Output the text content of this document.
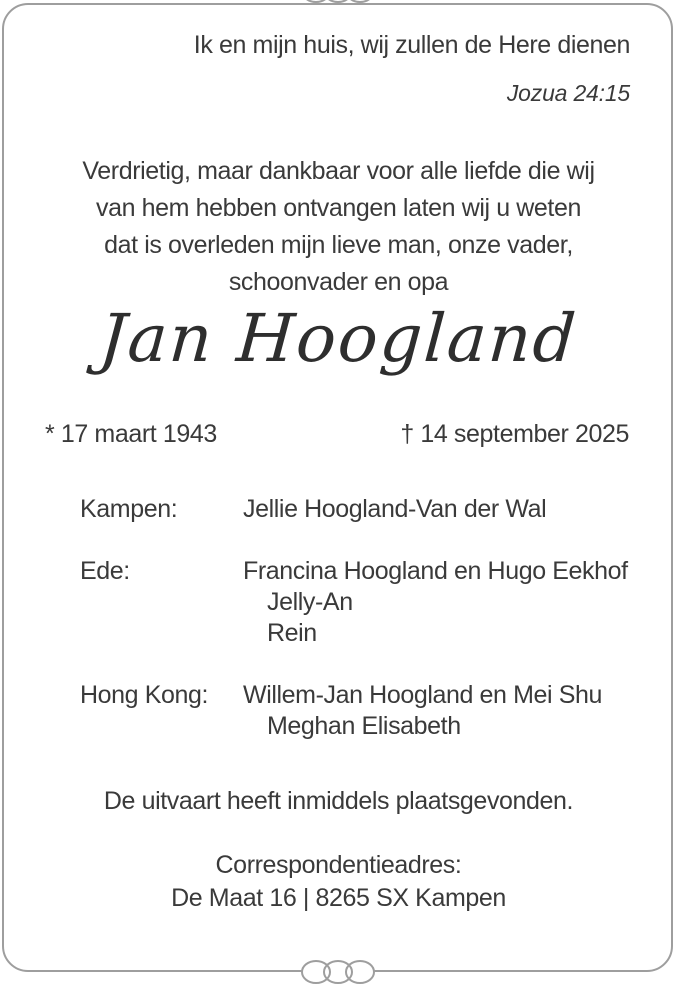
Ik en mijn huis, wij zullen de Here dienen
Jozua 24:15
Verdrietig, maar dankbaar voor alle liefde die wij
van hem hebben ontvangen laten wij u weten
dat is overleden mijn lieve man, onze vader,
schoonvader en opa
Jan Hoogland
* 17 maart 1943	† 14 september 2025
Kampen:	Jellie Hoogland-Van der Wal
Ede:	Francina Hoogland en Hugo Eekhof
Jelly-An
Rein
Hong Kong:	Willem-Jan Hoogland en Mei Shu
Meghan Elisabeth
De uitvaart heeft inmiddels plaatsgevonden.
Correspondentieadres:
De Maat 16 | 8265 SX Kampen
